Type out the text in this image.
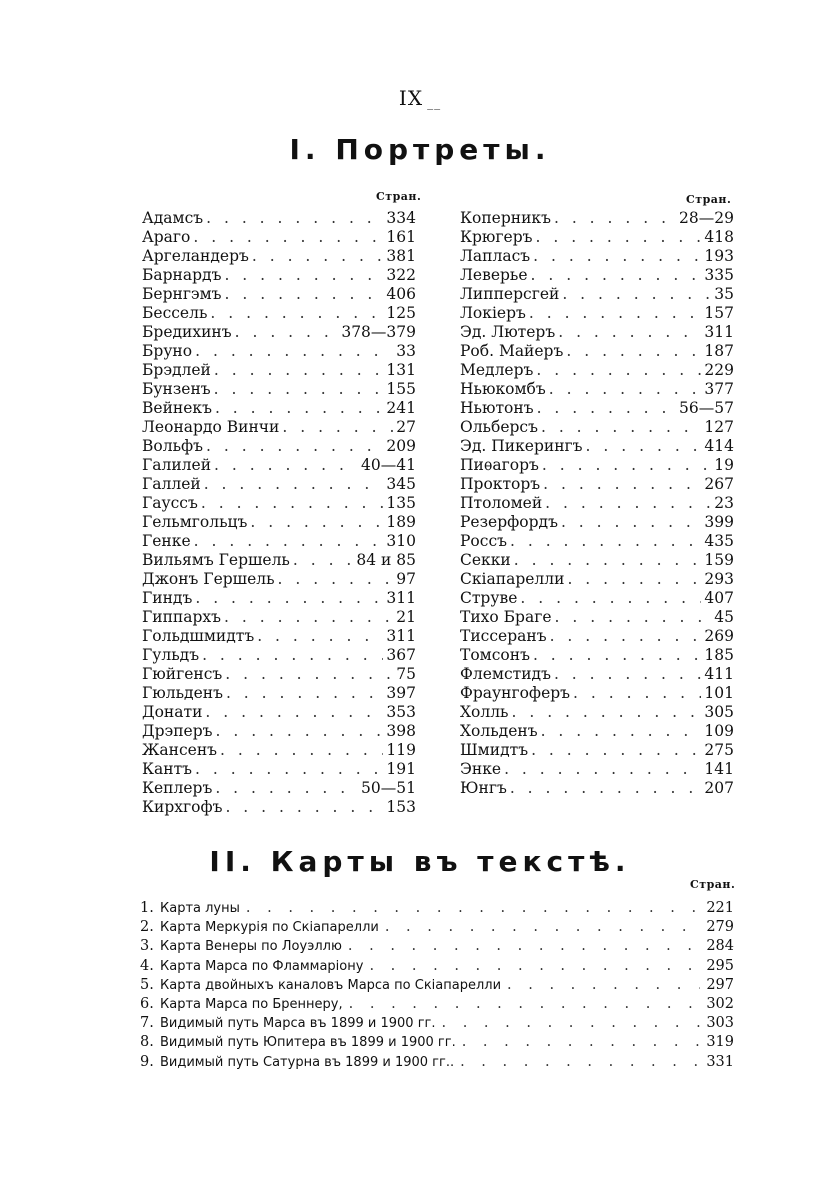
IX __
I. Портреты.
Стран.	Стран.
Адамсъ . . .	334
Араго . . .	161
Аргеландеръ . . .	381
Барнардъ . . .	322
Бернгэмъ . . .	406
Бессель . . .	125
Бредихинъ . . .	378—379
Бруно . . .	33
Брэдлей . . .	131
Бунзенъ . . .	155
Вейнекъ . . .	241
Леонардо Винчи . . .	27
Вольфъ . . .	209
Галилей . . .	40—41
Галлей . . .	345
Гауссъ . . .	135
Гельмгольцъ . . .	189
Генке . . .	310
Вильямъ Гершель . . .	84 и 85
Джонъ Гершель . . .	97
Гиндъ . . .	311
Гиппархъ . . .	21
Гольдшмидтъ . . .	311
Гульдъ . . .	367
Гюйгенсъ . . .	75
Гюльденъ . . .	397
Донати . . .	353
Дрэперъ . . .	398
Жансенъ . . .	119
Кантъ . . .	191
Кеплеръ . . .	50—51
Кирхгофъ . . .	153
Коперникъ . . .	28—29
Крюгеръ . . .	418
Лапласъ . . .	193
Леверье . . .	335
Липперсгей . . .	35
Локіеръ . . .	157
Эд. Лютеръ . . .	311
Роб. Майеръ . . .	187
Медлеръ . . .	229
Ньюкомбъ . . .	377
Ньютонъ . . .	56—57
Ольберсъ . . .	127
Эд. Пикерингъ . . .	414
Пиѳагоръ . . .	19
Прокторъ . . .	267
Птоломей . . .	23
Резерфордъ . . .	399
Россъ . . .	435
Секки . . .	159
Скіапарелли . . .	293
Струве . . .	407
Тихо Браге . . .	45
Тиссеранъ . . .	269
Томсонъ . . .	185
Флемстидъ . . .	411
Фраунгоферъ . . .	101
Холль . . .	305
Хольденъ . . .	109
Шмидтъ . . .	275
Энке . . .	141
Юнгъ . . .	207
II. Карты въ текстѣ.
Стран.
1. Карта луны . . .	221
2. Карта Меркурія по Скіапарелли . . .	279
3. Карта Венеры по Лоуэллю . . .	284
4. Карта Марса по Фламмаріону . . .	295
5. Карта двойныхъ каналовъ Марса по Скіапарелли . . .	297
6. Карта Марса по Бреннеру, . . .	302
7. Видимый путь Марса въ 1899 и 1900 гг. . . .	303
8. Видимый путь Юпитера въ 1899 и 1900 гг. . . .	319
9. Видимый путь Сатурна въ 1899 и 1900 гг.. . . .	331
